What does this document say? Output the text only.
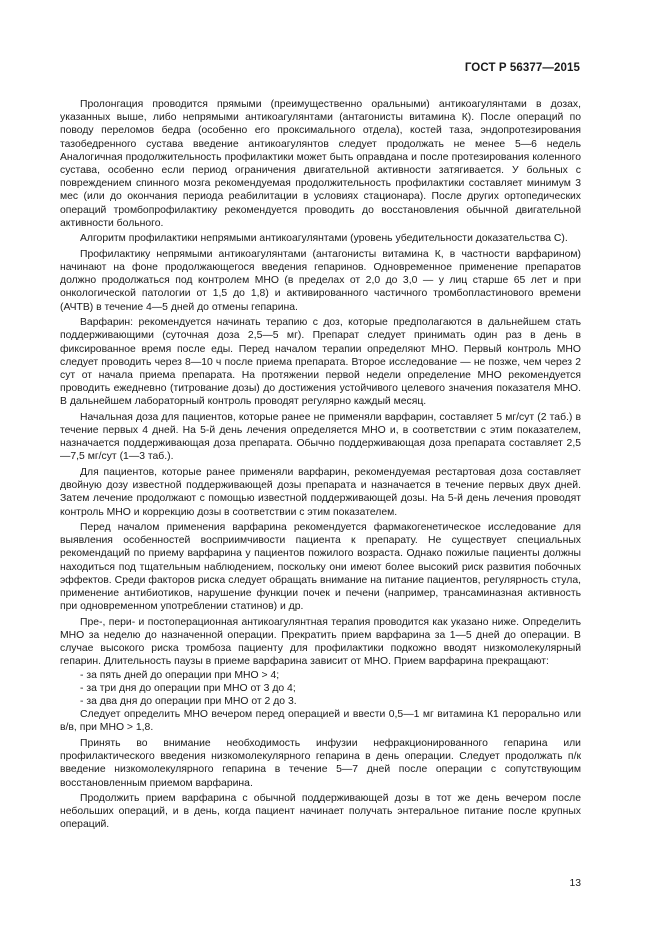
ГОСТ Р 56377—2015

Пролонгация проводится прямыми (преимущественно оральными) антикоагулянтами в дозах, указанных выше, либо непрямыми антикоагулянтами (антагонисты витамина К). После операций по поводу переломов бедра (особенно его проксимального отдела), костей таза, эндопротезирования тазобедренного сустава введение антикоагулянтов следует продолжать не менее 5—6 недель Аналогичная продолжительность профилактики может быть оправдана и после протезирования коленного сустава, особенно если период ограничения двигательной активности затягивается. У больных с повреждением спинного мозга рекомендуемая продолжительность профилактики составляет минимум 3 мес (или до окончания периода реабилитации в условиях стационара). После других ортопедических операций тромбопрофилактику рекомендуется проводить до восстановления обычной двигательной активности больного.

Алгоритм профилактики непрямыми антикоагулянтами (уровень убедительности доказательства С).

Профилактику непрямыми антикоагулянтами (антагонисты витамина К, в частности варфарином) начинают на фоне продолжающегося введения гепаринов. Одновременное применение препаратов должно продолжаться под контролем МНО (в пределах от 2,0 до 3,0 — у лиц старше 65 лет и при онкологической патологии от 1,5 до 1,8) и активированного частичного тромбопластинового времени (АЧТВ) в течение 4—5 дней до отмены гепарина.

Варфарин: рекомендуется начинать терапию с доз, которые предполагаются в дальнейшем стать поддерживающими (суточная доза 2,5—5 мг). Препарат следует принимать один раз в день в фиксированное время после еды. Перед началом терапии определяют МНО. Первый контроль МНО следует проводить через 8—10 ч после приема препарата. Второе исследование — не позже, чем через 2 сут от начала приема препарата. На протяжении первой недели определение МНО рекомендуется проводить ежедневно (титрование дозы) до достижения устойчивого целевого значения показателя МНО. В дальнейшем лабораторный контроль проводят регулярно каждый месяц.

Начальная доза для пациентов, которые ранее не применяли варфарин, составляет 5 мг/сут (2 таб.) в течение первых 4 дней. На 5-й день лечения определяется МНО и, в соответствии с этим показателем, назначается поддерживающая доза препарата. Обычно поддерживающая доза препарата составляет 2,5—7,5 мг/сут (1—3 таб.).

Для пациентов, которые ранее применяли варфарин, рекомендуемая рестартовая доза составляет двойную дозу известной поддерживающей дозы препарата и назначается в течение первых двух дней. Затем лечение продолжают с помощью известной поддерживающей дозы. На 5-й день лечения проводят контроль МНО и коррекцию дозы в соответствии с этим показателем.

Перед началом применения варфарина рекомендуется фармакогенетическое исследование для выявления особенностей восприимчивости пациента к препарату. Не существует специальных рекомендаций по приему варфарина у пациентов пожилого возраста. Однако пожилые пациенты должны находиться под тщательным наблюдением, поскольку они имеют более высокий риск развития побочных эффектов. Среди факторов риска следует обращать внимание на питание пациентов, регулярность стула, применение антибиотиков, нарушение функции почек и печени (например, трансаминазная активность при одновременном употреблении статинов) и др.

Пре-, пери- и постоперационная антикоагулянтная терапия проводится как указано ниже. Определить МНО за неделю до назначенной операции. Прекратить прием варфарина за 1—5 дней до операции. В случае высокого риска тромбоза пациенту для профилактики подкожно вводят низкомолекулярный гепарин. Длительность паузы в приеме варфарина зависит от МНО. Прием варфарина прекращают:

- за пять дней до операции при МНО > 4;

- за три дня до операции при МНО от 3 до 4;

- за два дня до операции при МНО от 2 до 3.

Следует определить МНО вечером перед операцией и ввести 0,5—1 мг витамина К1 перорально или в/в, при МНО > 1,8.

Принять во внимание необходимость инфузии нефракционированного гепарина или профилактического введения низкомолекулярного гепарина в день операции. Следует продолжать п/к введение низкомолекулярного гепарина в течение 5—7 дней после операции с сопутствующим восстановленным приемом варфарина.

Продолжить прием варфарина с обычной поддерживающей дозы в тот же день вечером после небольших операций, и в день, когда пациент начинает получать энтеральное питание после крупных операций.

13
